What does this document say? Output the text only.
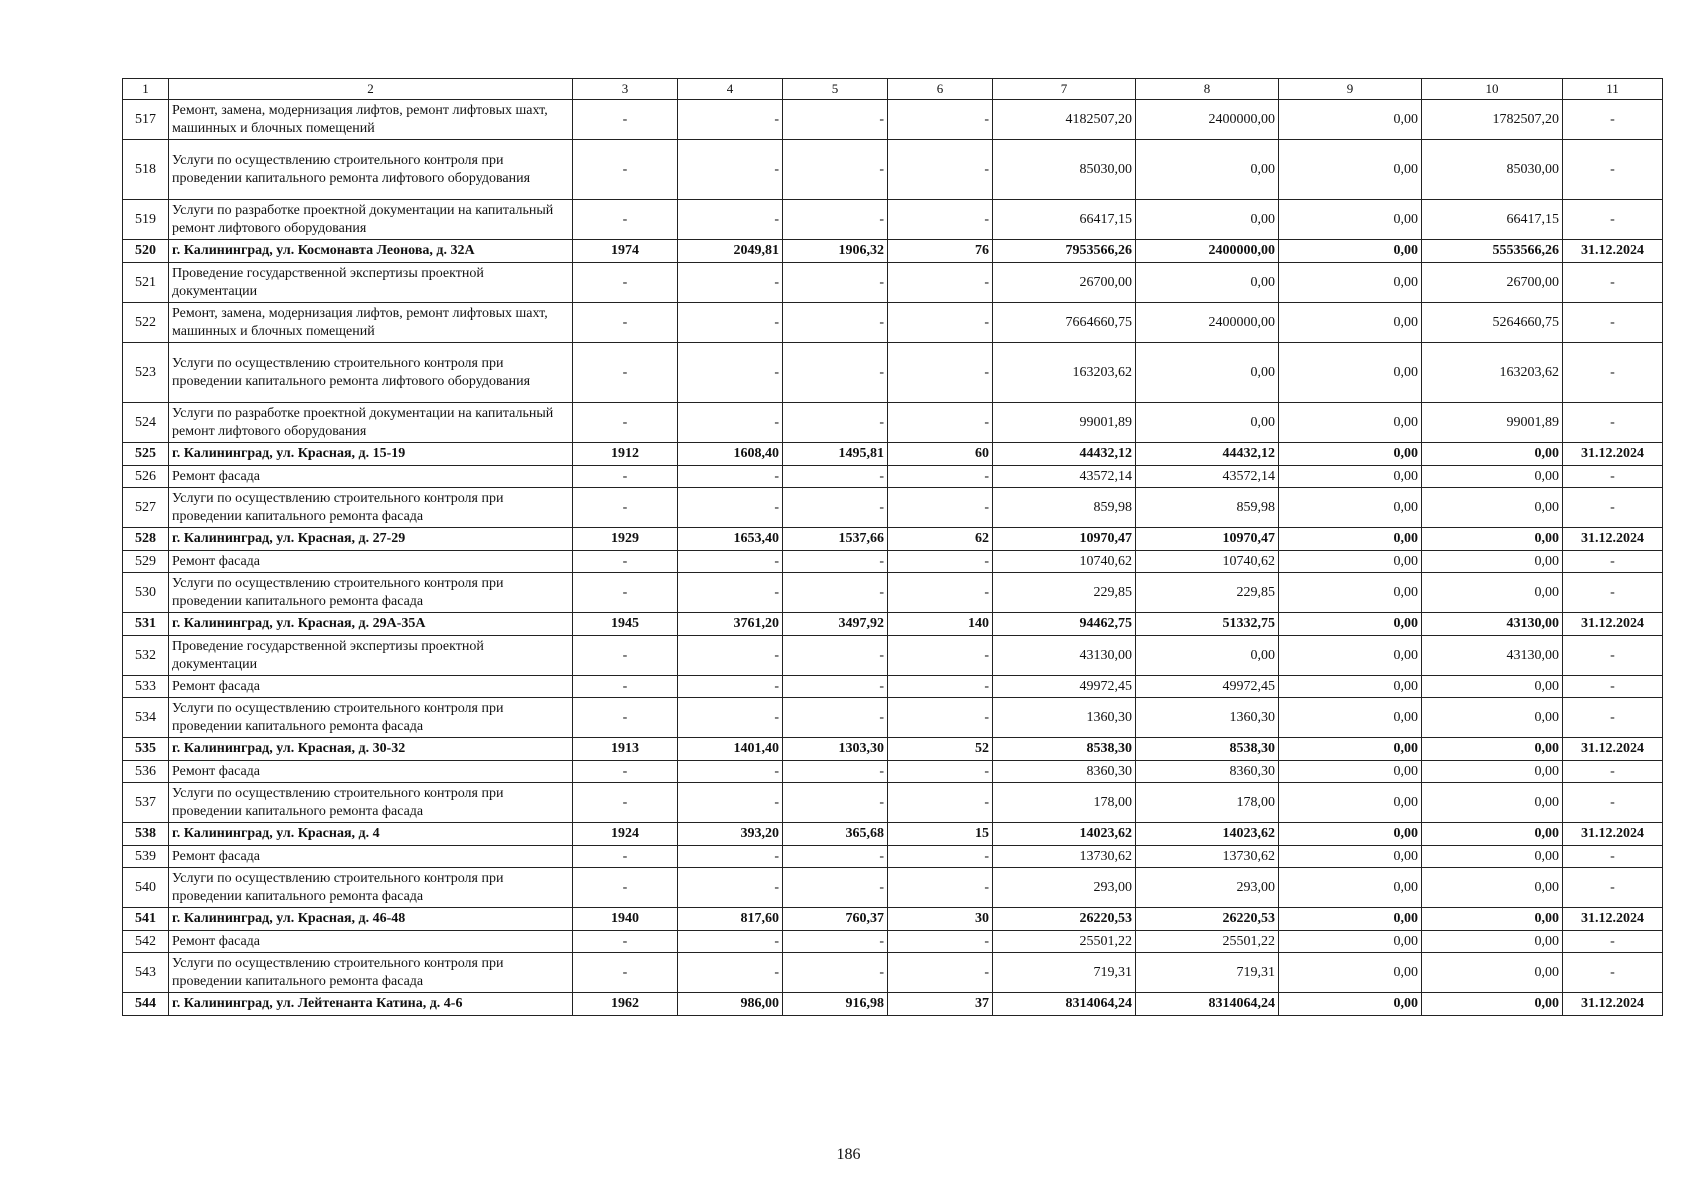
1	2	3	4	5	6	7	8	9	10	11
517	Ремонт, замена, модернизация лифтов, ремонт лифтовых шахт, машинных и блочных помещений	-	-	-	-	4182507,20	2400000,00	0,00	1782507,20	-
518	Услуги по осуществлению строительного контроля при проведении капитального ремонта лифтового оборудования	-	-	-	-	85030,00	0,00	0,00	85030,00	-
519	Услуги по разработке проектной документации на капитальный ремонт лифтового оборудования	-	-	-	-	66417,15	0,00	0,00	66417,15	-
520	г. Калининград, ул. Космонавта Леонова, д. 32А	1974	2049,81	1906,32	76	7953566,26	2400000,00	0,00	5553566,26	31.12.2024
521	Проведение государственной экспертизы проектной документации	-	-	-	-	26700,00	0,00	0,00	26700,00	-
522	Ремонт, замена, модернизация лифтов, ремонт лифтовых шахт, машинных и блочных помещений	-	-	-	-	7664660,75	2400000,00	0,00	5264660,75	-
523	Услуги по осуществлению строительного контроля при проведении капитального ремонта лифтового оборудования	-	-	-	-	163203,62	0,00	0,00	163203,62	-
524	Услуги по разработке проектной документации на капитальный ремонт лифтового оборудования	-	-	-	-	99001,89	0,00	0,00	99001,89	-
525	г. Калининград, ул. Красная, д. 15-19	1912	1608,40	1495,81	60	44432,12	44432,12	0,00	0,00	31.12.2024
526	Ремонт фасада	-	-	-	-	43572,14	43572,14	0,00	0,00	-
527	Услуги по осуществлению строительного контроля при проведении капитального ремонта фасада	-	-	-	-	859,98	859,98	0,00	0,00	-
528	г. Калининград, ул. Красная, д. 27-29	1929	1653,40	1537,66	62	10970,47	10970,47	0,00	0,00	31.12.2024
529	Ремонт фасада	-	-	-	-	10740,62	10740,62	0,00	0,00	-
530	Услуги по осуществлению строительного контроля при проведении капитального ремонта фасада	-	-	-	-	229,85	229,85	0,00	0,00	-
531	г. Калининград, ул. Красная, д. 29А-35А	1945	3761,20	3497,92	140	94462,75	51332,75	0,00	43130,00	31.12.2024
532	Проведение государственной экспертизы проектной документации	-	-	-	-	43130,00	0,00	0,00	43130,00	-
533	Ремонт фасада	-	-	-	-	49972,45	49972,45	0,00	0,00	-
534	Услуги по осуществлению строительного контроля при проведении капитального ремонта фасада	-	-	-	-	1360,30	1360,30	0,00	0,00	-
535	г. Калининград, ул. Красная, д. 30-32	1913	1401,40	1303,30	52	8538,30	8538,30	0,00	0,00	31.12.2024
536	Ремонт фасада	-	-	-	-	8360,30	8360,30	0,00	0,00	-
537	Услуги по осуществлению строительного контроля при проведении капитального ремонта фасада	-	-	-	-	178,00	178,00	0,00	0,00	-
538	г. Калининград, ул. Красная, д. 4	1924	393,20	365,68	15	14023,62	14023,62	0,00	0,00	31.12.2024
539	Ремонт фасада	-	-	-	-	13730,62	13730,62	0,00	0,00	-
540	Услуги по осуществлению строительного контроля при проведении капитального ремонта фасада	-	-	-	-	293,00	293,00	0,00	0,00	-
541	г. Калининград, ул. Красная, д. 46-48	1940	817,60	760,37	30	26220,53	26220,53	0,00	0,00	31.12.2024
542	Ремонт фасада	-	-	-	-	25501,22	25501,22	0,00	0,00	-
543	Услуги по осуществлению строительного контроля при проведении капитального ремонта фасада	-	-	-	-	719,31	719,31	0,00	0,00	-
544	г. Калининград, ул. Лейтенанта Катина, д. 4-6	1962	986,00	916,98	37	8314064,24	8314064,24	0,00	0,00	31.12.2024
186
